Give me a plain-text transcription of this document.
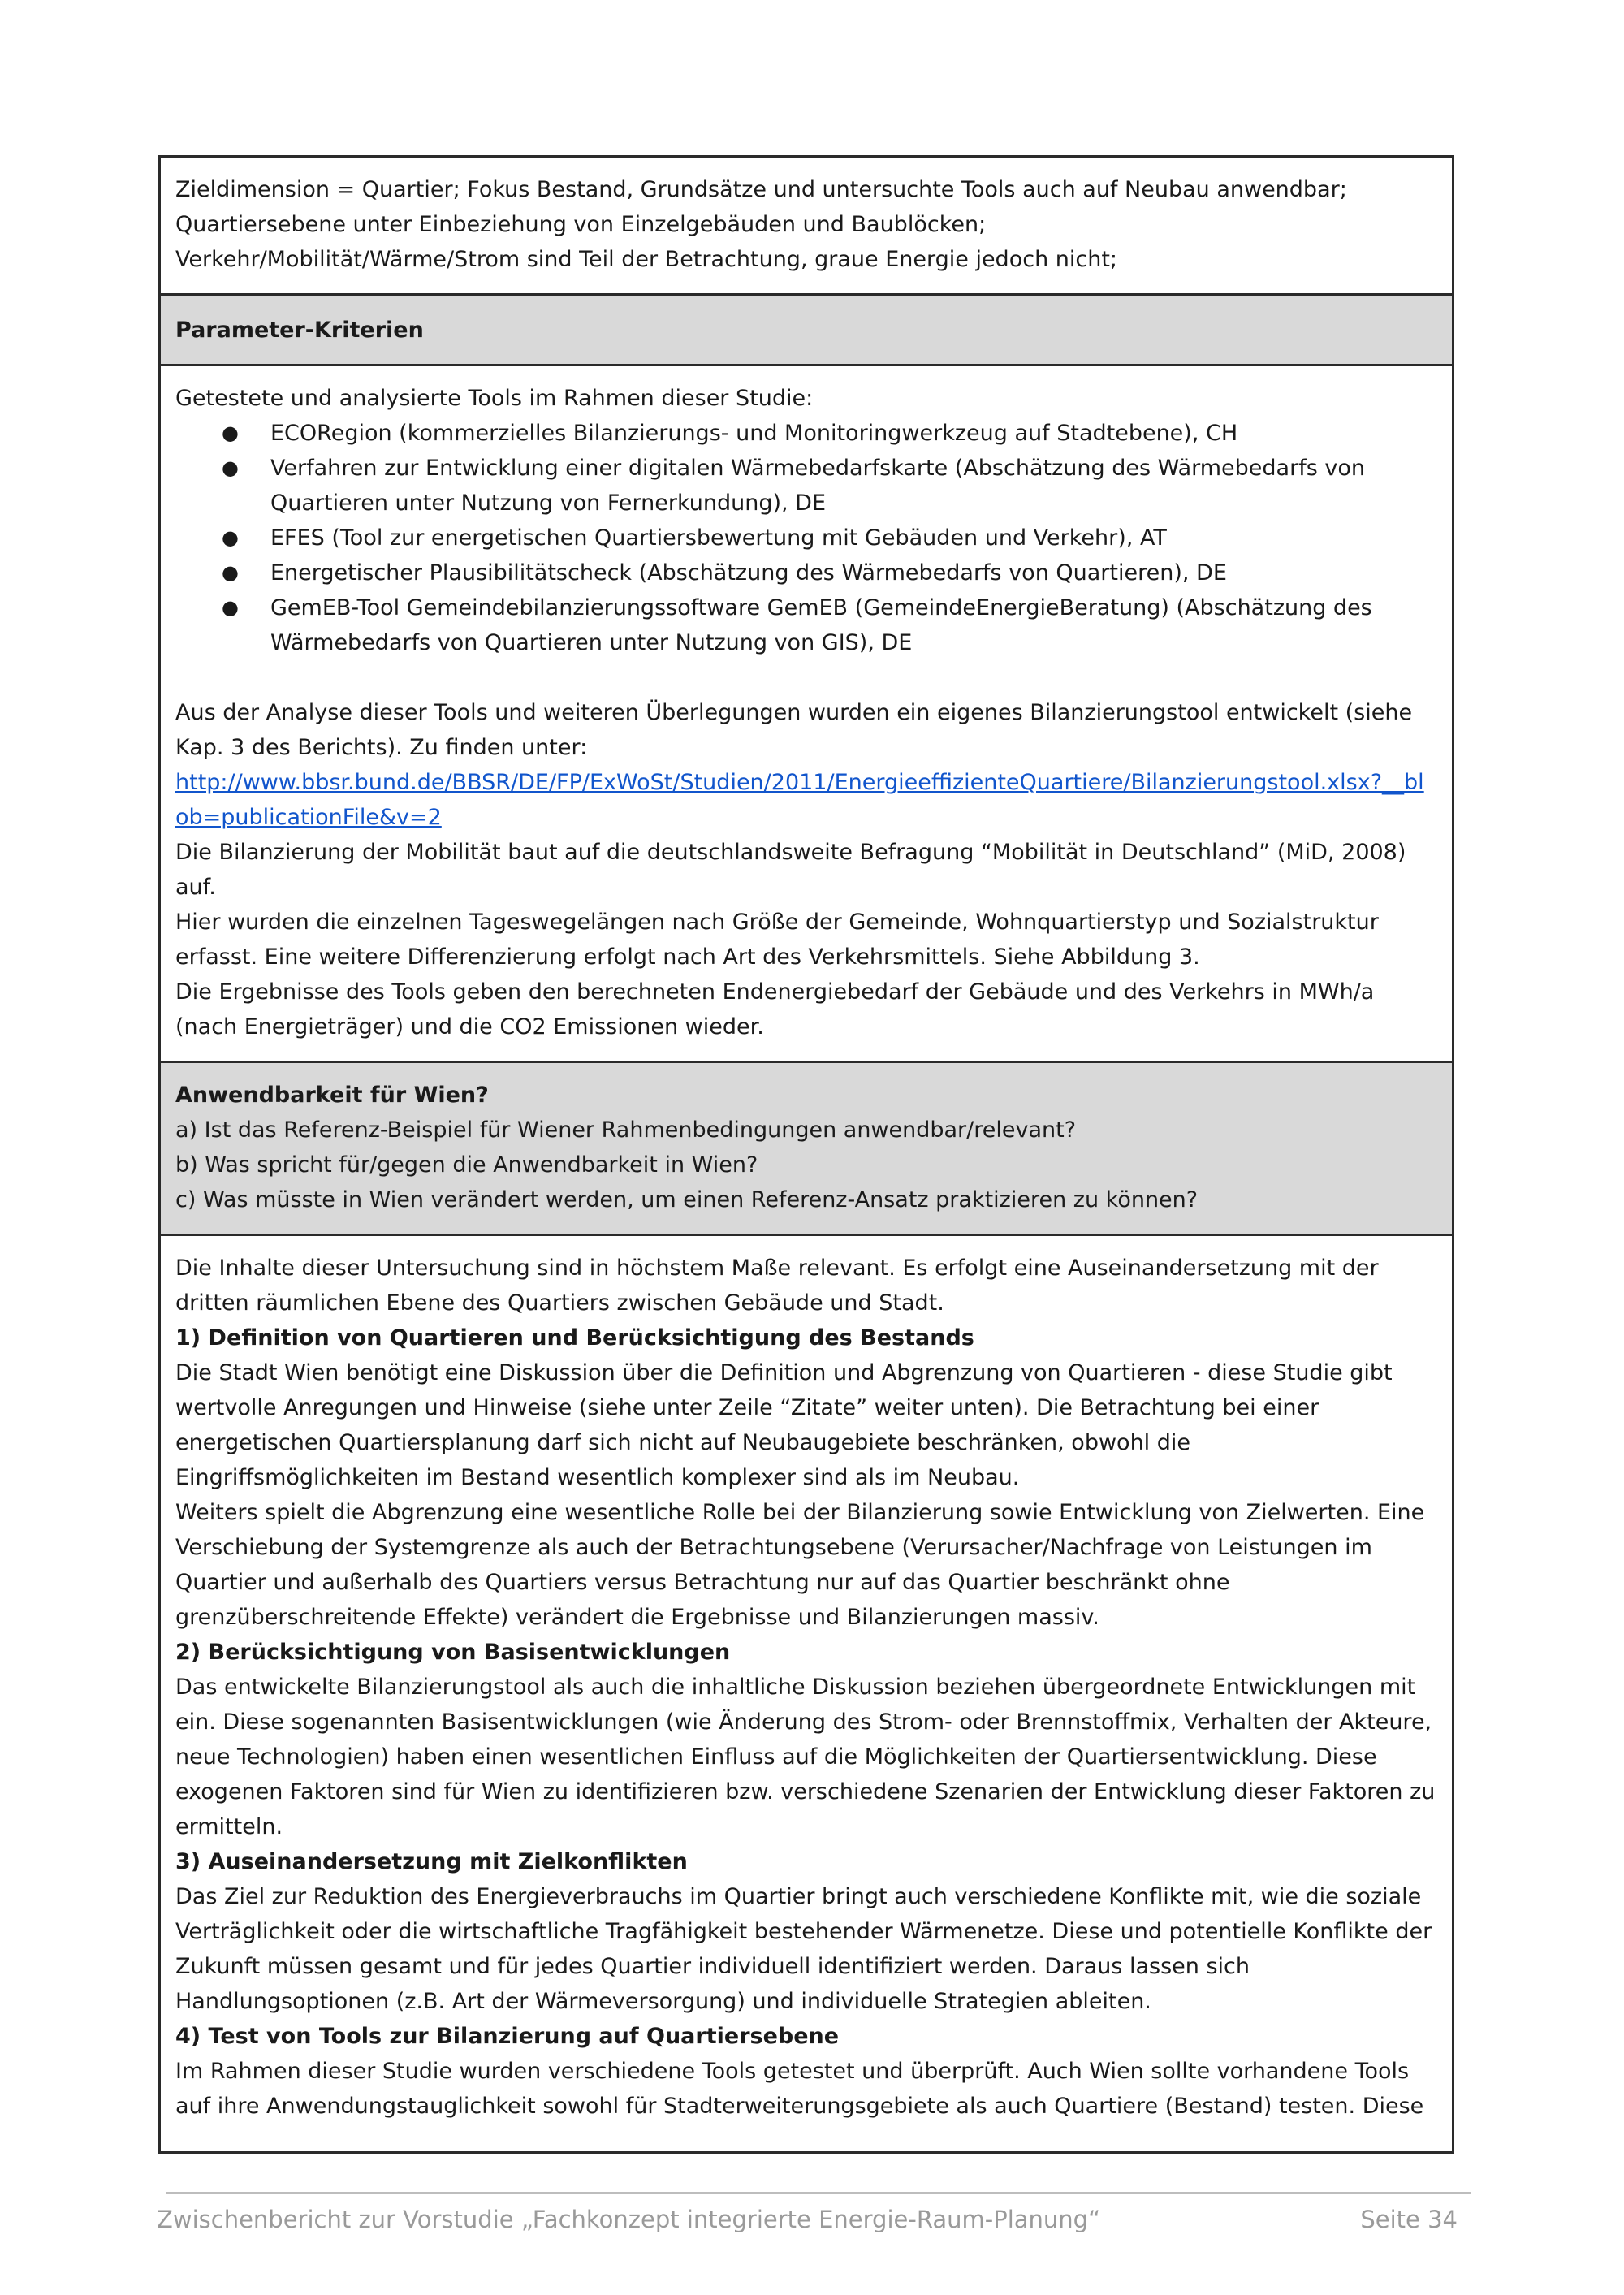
Zieldimension = Quartier; Fokus Bestand, Grundsätze und untersuchte Tools auch auf Neubau anwendbar;

Quartiersebene unter Einbeziehung von Einzelgebäuden und Baublöcken;

Verkehr/Mobilität/Wärme/Strom sind Teil der Betrachtung, graue Energie jedoch nicht;

Parameter-Kriterien

Getestete und analysierte Tools im Rahmen dieser Studie:

● ECORegion (kommerzielles Bilanzierungs- und Monitoringwerkzeug auf Stadtebene), CH
● Verfahren zur Entwicklung einer digitalen Wärmebedarfskarte (Abschätzung des Wärmebedarfs von Quartieren unter Nutzung von Fernerkundung), DE
● EFES (Tool zur energetischen Quartiersbewertung mit Gebäuden und Verkehr), AT
● Energetischer Plausibilitätscheck (Abschätzung des Wärmebedarfs von Quartieren), DE
● GemEB-Tool Gemeindebilanzierungssoftware GemEB (GemeindeEnergieBeratung) (Abschätzung des Wärmebedarfs von Quartieren unter Nutzung von GIS), DE

Aus der Analyse dieser Tools und weiteren Überlegungen wurden ein eigenes Bilanzierungstool entwickelt (siehe Kap. 3 des Berichts). Zu finden unter:

http://www.bbsr.bund.de/BBSR/DE/FP/ExWoSt/Studien/2011/EnergieeffizienteQuartiere/Bilanzierungstool.xlsx?__blob=publicationFile&v=2

Die Bilanzierung der Mobilität baut auf die deutschlandsweite Befragung “Mobilität in Deutschland” (MiD, 2008) auf.

Hier wurden die einzelnen Tageswegelängen nach Größe der Gemeinde, Wohnquartierstyp und Sozialstruktur erfasst. Eine weitere Differenzierung erfolgt nach Art des Verkehrsmittels. Siehe Abbildung 3.

Die Ergebnisse des Tools geben den berechneten Endenergiebedarf der Gebäude und des Verkehrs in MWh/a (nach Energieträger) und die CO2 Emissionen wieder.

Anwendbarkeit für Wien?

a) Ist das Referenz-Beispiel für Wiener Rahmenbedingungen anwendbar/relevant?

b) Was spricht für/gegen die Anwendbarkeit in Wien?

c) Was müsste in Wien verändert werden, um einen Referenz-Ansatz praktizieren zu können?

Die Inhalte dieser Untersuchung sind in höchstem Maße relevant. Es erfolgt eine Auseinandersetzung mit der dritten räumlichen Ebene des Quartiers zwischen Gebäude und Stadt.

1) Definition von Quartieren und Berücksichtigung des Bestands

Die Stadt Wien benötigt eine Diskussion über die Definition und Abgrenzung von Quartieren - diese Studie gibt wertvolle Anregungen und Hinweise (siehe unter Zeile “Zitate” weiter unten). Die Betrachtung bei einer energetischen Quartiersplanung darf sich nicht auf Neubaugebiete beschränken, obwohl die Eingriffsmöglichkeiten im Bestand wesentlich komplexer sind als im Neubau.

Weiters spielt die Abgrenzung eine wesentliche Rolle bei der Bilanzierung sowie Entwicklung von Zielwerten. Eine Verschiebung der Systemgrenze als auch der Betrachtungsebene (Verursacher/Nachfrage von Leistungen im Quartier und außerhalb des Quartiers versus Betrachtung nur auf das Quartier beschränkt ohne grenzüberschreitende Effekte) verändert die Ergebnisse und Bilanzierungen massiv.

2) Berücksichtigung von Basisentwicklungen

Das entwickelte Bilanzierungstool als auch die inhaltliche Diskussion beziehen übergeordnete Entwicklungen mit ein. Diese sogenannten Basisentwicklungen (wie Änderung des Strom- oder Brennstoffmix, Verhalten der Akteure, neue Technologien) haben einen wesentlichen Einfluss auf die Möglichkeiten der Quartiersentwicklung. Diese exogenen Faktoren sind für Wien zu identifizieren bzw. verschiedene Szenarien der Entwicklung dieser Faktoren zu ermitteln.

3) Auseinandersetzung mit Zielkonflikten

Das Ziel zur Reduktion des Energieverbrauchs im Quartier bringt auch verschiedene Konflikte mit, wie die soziale Verträglichkeit oder die wirtschaftliche Tragfähigkeit bestehender Wärmenetze. Diese und potentielle Konflikte der Zukunft müssen gesamt und für jedes Quartier individuell identifiziert werden. Daraus lassen sich Handlungsoptionen (z.B. Art der Wärmeversorgung) und individuelle Strategien ableiten.

4) Test von Tools zur Bilanzierung auf Quartiersebene

Im Rahmen dieser Studie wurden verschiedene Tools getestet und überprüft. Auch Wien sollte vorhandene Tools auf ihre Anwendungstauglichkeit sowohl für Stadterweiterungsgebiete als auch Quartiere (Bestand) testen. Diese

Zwischenbericht zur Vorstudie „Fachkonzept integrierte Energie-Raum-Planung“	Seite 34
